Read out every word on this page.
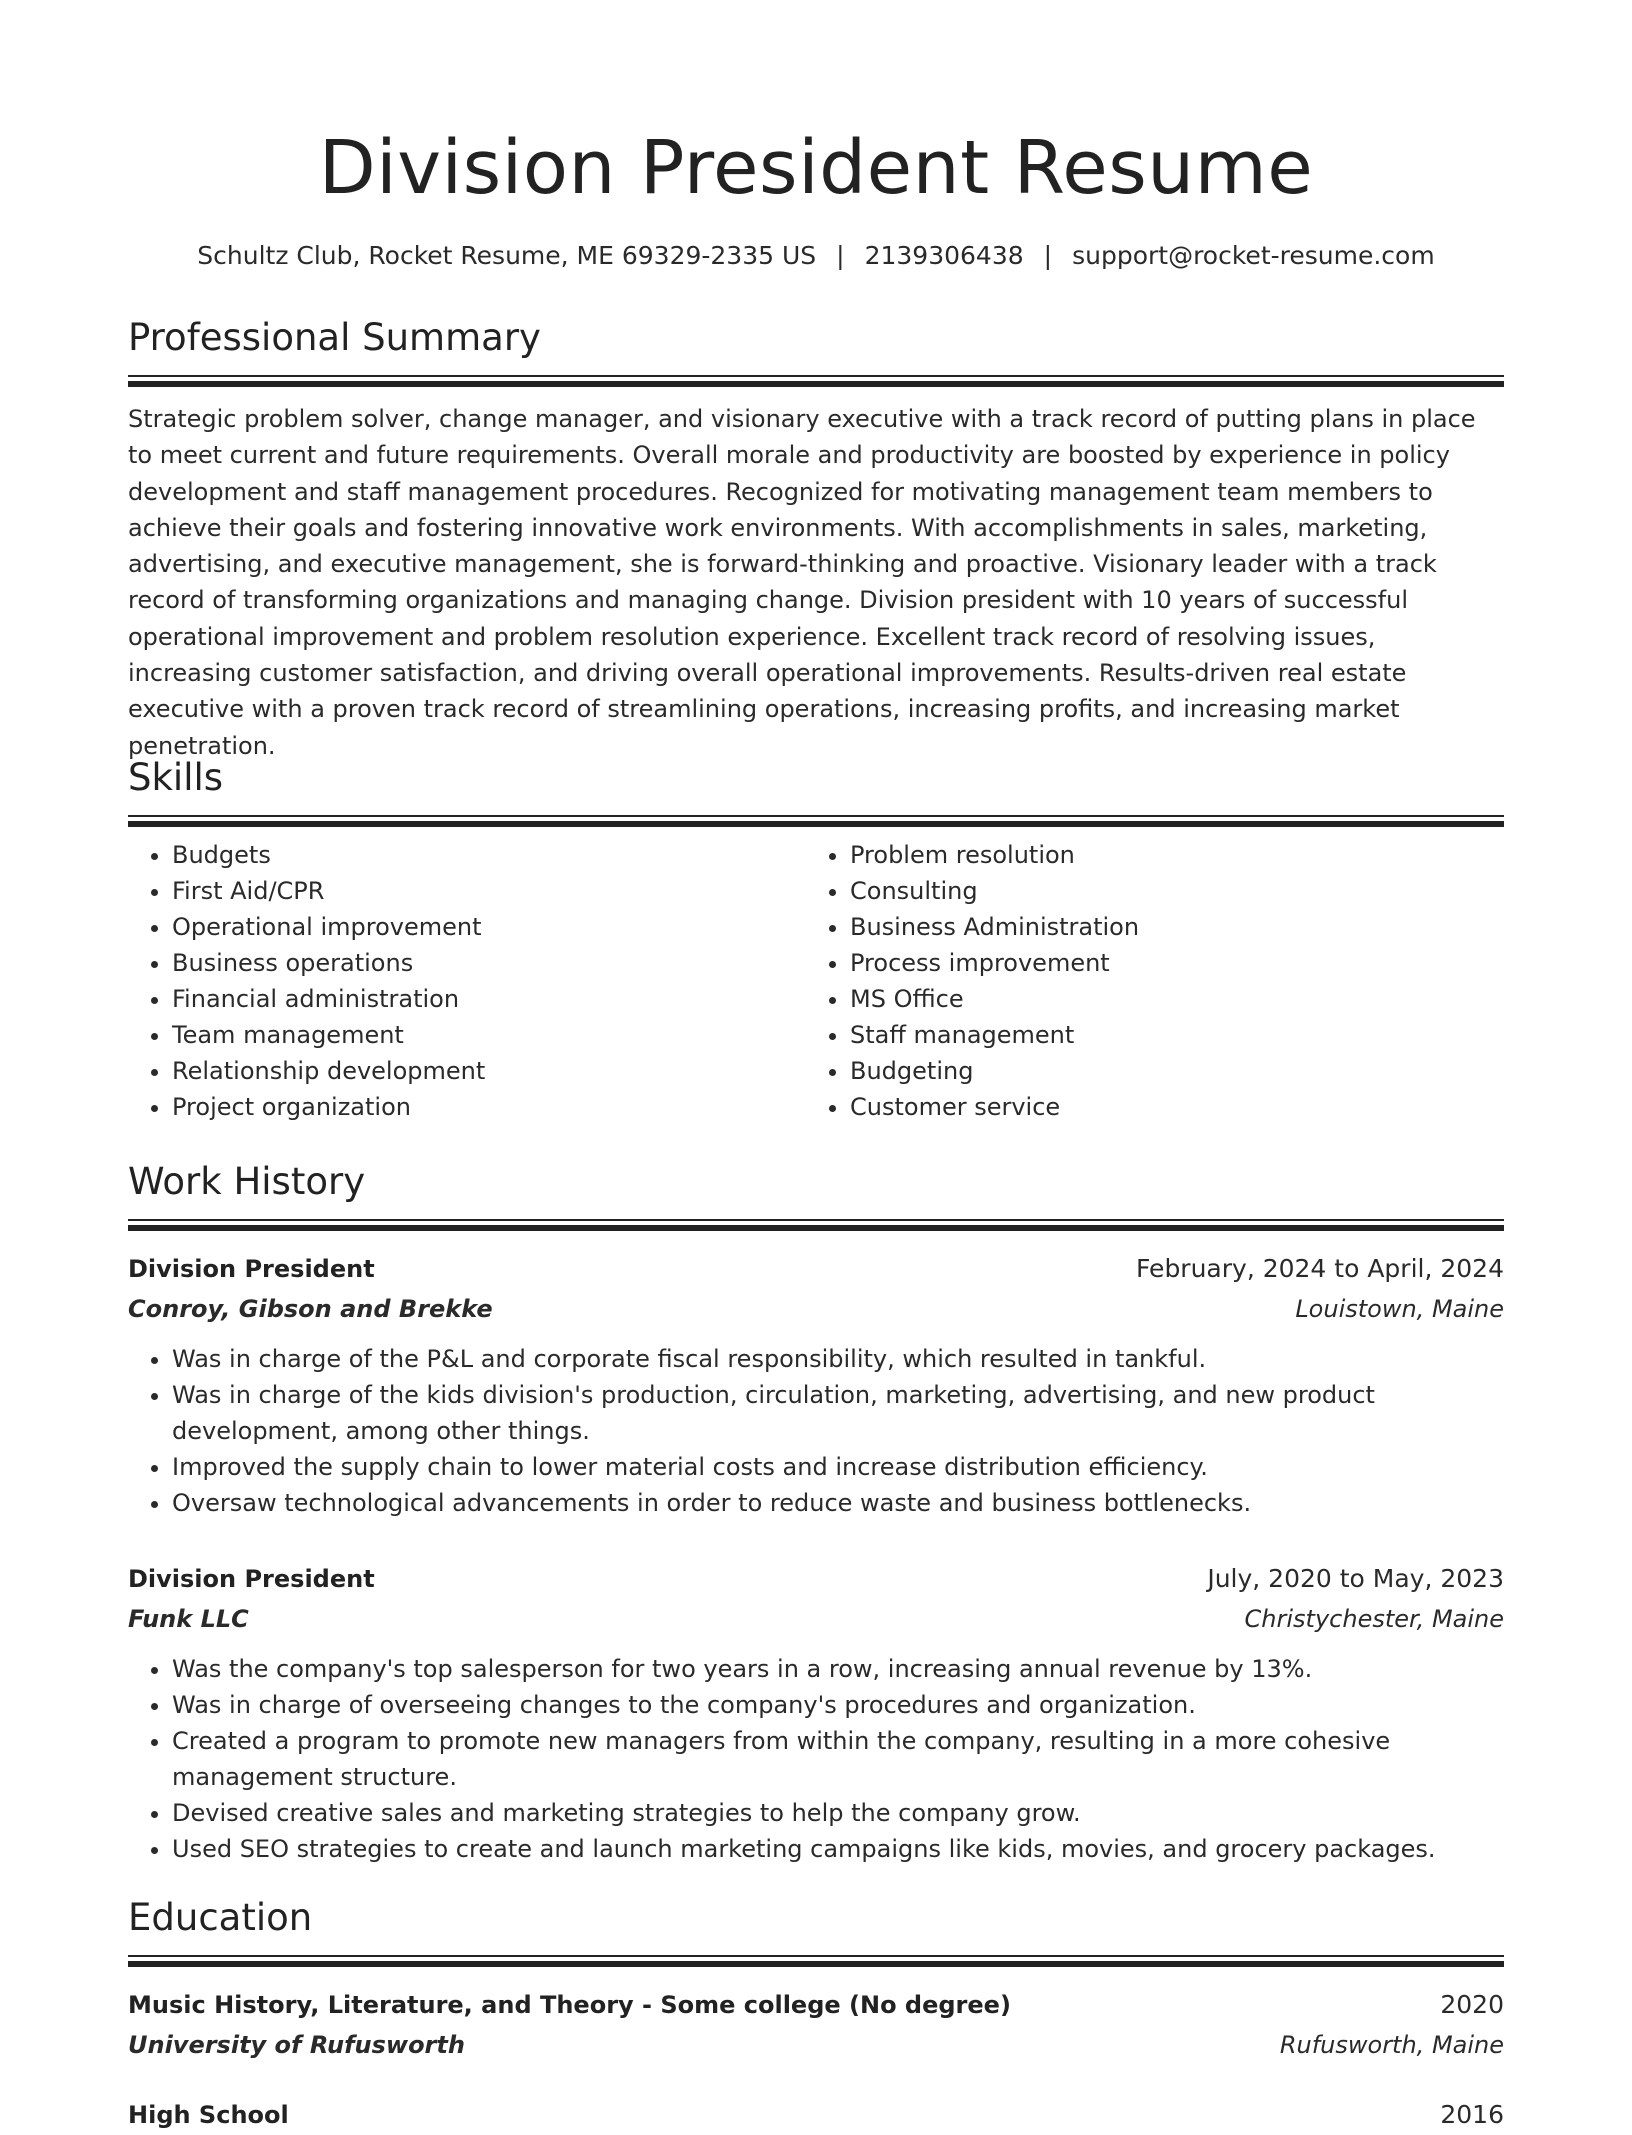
Division President Resume
Schultz Club, Rocket Resume, ME 69329-2335 US | 2139306438 | support@rocket-resume.com
Professional Summary
Strategic problem solver, change manager, and visionary executive with a track record of putting plans in place to meet current and future requirements. Overall morale and productivity are boosted by experience in policy development and staff management procedures. Recognized for motivating management team members to achieve their goals and fostering innovative work environments. With accomplishments in sales, marketing, advertising, and executive management, she is forward-thinking and proactive. Visionary leader with a track record of transforming organizations and managing change. Division president with 10 years of successful operational improvement and problem resolution experience. Excellent track record of resolving issues, increasing customer satisfaction, and driving overall operational improvements. Results-driven real estate executive with a proven track record of streamlining operations, increasing profits, and increasing market penetration.
Skills
• Budgets
• First Aid/CPR
• Operational improvement
• Business operations
• Financial administration
• Team management
• Relationship development
• Project organization
• Problem resolution
• Consulting
• Business Administration
• Process improvement
• MS Office
• Staff management
• Budgeting
• Customer service
Work History
Division President	February, 2024 to April, 2024
Conroy, Gibson and Brekke	Louistown, Maine
• Was in charge of the P&L and corporate fiscal responsibility, which resulted in tankful.
• Was in charge of the kids division's production, circulation, marketing, advertising, and new product development, among other things.
• Improved the supply chain to lower material costs and increase distribution efficiency.
• Oversaw technological advancements in order to reduce waste and business bottlenecks.
Division President	July, 2020 to May, 2023
Funk LLC	Christychester, Maine
• Was the company's top salesperson for two years in a row, increasing annual revenue by 13%.
• Was in charge of overseeing changes to the company's procedures and organization.
• Created a program to promote new managers from within the company, resulting in a more cohesive management structure.
• Devised creative sales and marketing strategies to help the company grow.
• Used SEO strategies to create and launch marketing campaigns like kids, movies, and grocery packages.
Education
Music History, Literature, and Theory - Some college (No degree)	2020
University of Rufusworth	Rufusworth, Maine
High School	2016
